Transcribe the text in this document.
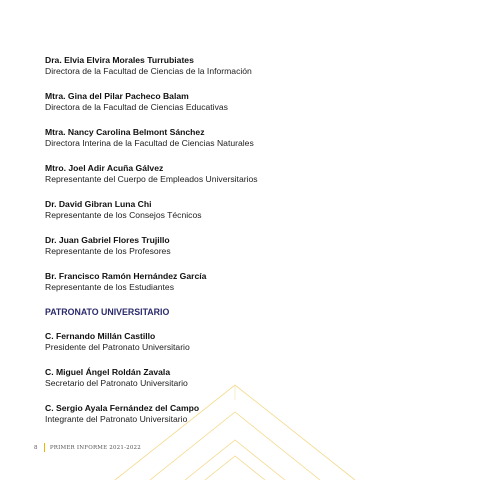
Dra. Elvia Elvira Morales Turrubiates
Directora de la Facultad de Ciencias de la Información
Mtra. Gina del Pilar Pacheco Balam
Directora de la Facultad de Ciencias Educativas
Mtra. Nancy Carolina Belmont Sánchez
Directora Interina de la Facultad de Ciencias Naturales
Mtro. Joel Adir Acuña Gálvez
Representante del Cuerpo de Empleados Universitarios
Dr. David Gibran Luna Chi
Representante de los Consejos Técnicos
Dr. Juan Gabriel Flores Trujillo
Representante de los Profesores
Br. Francisco Ramón Hernández García
Representante de los Estudiantes
PATRONATO UNIVERSITARIO
C. Fernando Millán Castillo
Presidente del Patronato Universitario
C. Miguel Ángel Roldán Zavala
Secretario del Patronato Universitario
C. Sergio Ayala Fernández del Campo
Integrante del Patronato Universitario
8 PRIMER INFORME 2021-2022
